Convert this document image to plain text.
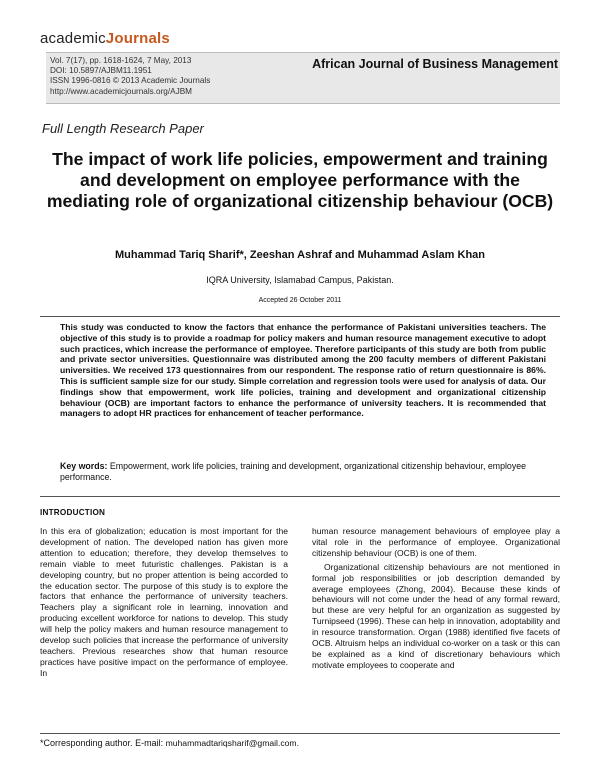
academicJournals
Vol. 7(17), pp. 1618-1624, 7 May, 2013
DOI: 10.5897/AJBM11.1951
ISSN 1996-0816 © 2013 Academic Journals
http://www.academicjournals.org/AJBM
African Journal of Business Management
Full Length Research Paper
The impact of work life policies, empowerment and training and development on employee performance with the mediating role of organizational citizenship behaviour (OCB)
Muhammad Tariq Sharif*, Zeeshan Ashraf and Muhammad Aslam Khan
IQRA University, Islamabad Campus, Pakistan.
Accepted 26 October 2011
This study was conducted to know the factors that enhance the performance of Pakistani universities teachers. The objective of this study is to provide a roadmap for policy makers and human resource management executive to adopt such practices, which increase the performance of employee. Therefore participants of this study are both from public and private sector universities. Questionnaire was distributed among the 200 faculty members of different Pakistani universities. We received 173 questionnaires from our respondent. The response ratio of return questionnaire is 86%. This is sufficient sample size for our study. Simple correlation and regression tools were used for analysis of data. Our findings show that empowerment, work life policies, training and development and organizational citizenship behaviour (OCB) are important factors to enhance the performance of university teachers. It is recommended that managers to adopt HR practices for enhancement of teacher performance.
Key words: Empowerment, work life policies, training and development, organizational citizenship behaviour, employee performance.
INTRODUCTION

In this era of globalization; education is most important for the development of nation. The developed nation has given more attention to education; therefore, they develop themselves to remain viable to meet futuristic challenges. Pakistan is a developing country, but no proper attention is being accorded to the education sector. The purpose of this study is to explore the factors that enhance the performance of university teachers. Teachers play a significant role in learning, innovation and producing excellent workforce for nations to develop. This study will help the policy makers and human resource management to develop such policies that increase the performance of university teachers. Previous researches show that human resource practices have positive impact on the performance of employee. In

human resource management behaviours of employee play a vital role in the performance of employee. Organizational citizenship behaviour (OCB) is one of them.

Organizational citizenship behaviours are not mentioned in formal job responsibilities or job description demanded by average employees (Zhong, 2004). Because these kinds of behaviours will not come under the head of any formal reward, but these are very helpful for an organization as suggested by Turnipseed (1996). These can help in innovation, adoptability and in resource transformation. Organ (1988) identified five facets of OCB. Altruism helps an individual co-worker on a task or this can be explained as a kind of discretionary behaviours which motivate employees to cooperate and

*Corresponding author. E-mail: muhammadtariqsharif@gmail.com.
